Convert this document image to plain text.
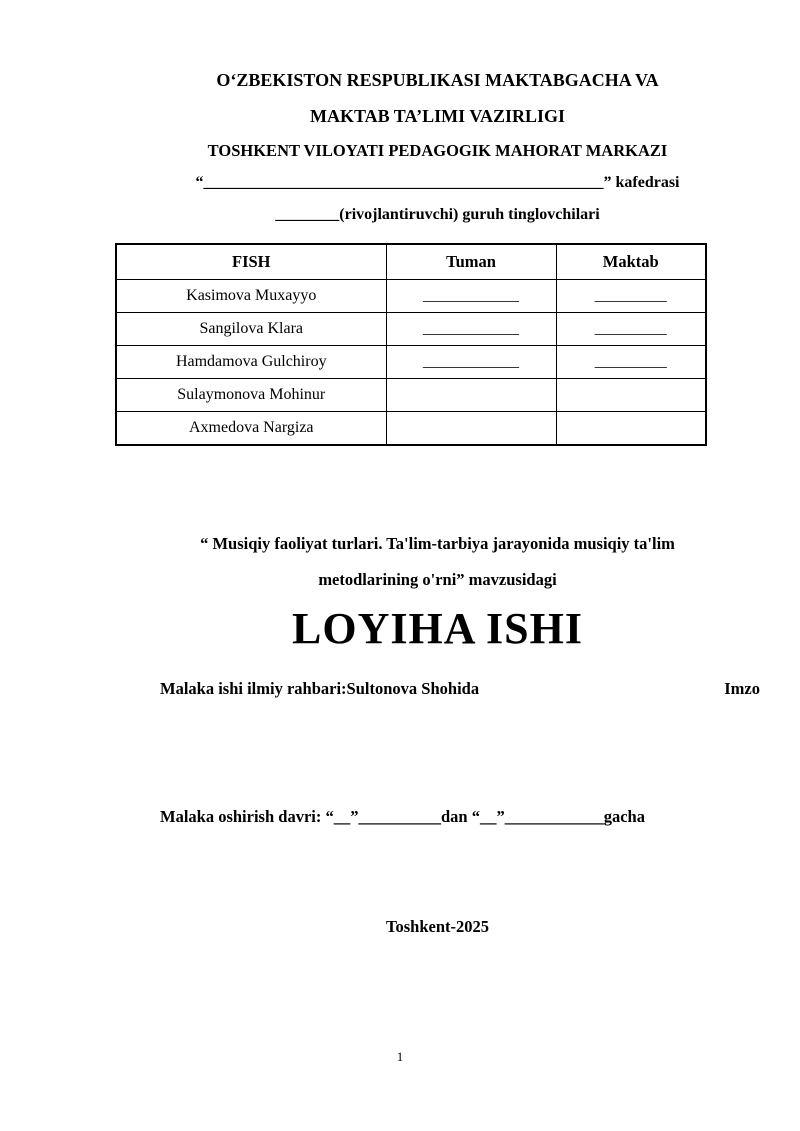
O‘ZBEKISTON RESPUBLIKASI MAKTABGACHA VA

MAKTAB TA’LIMI VAZIRLIGI

TOSHKENT VILOYATI PEDAGOGIK MAHORAT MARKAZI

“__________________________________________________” kafedrasi

________(rivojlantiruvchi) guruh tinglovchilari

FISH	Tuman	Maktab
Kasimova Muxayyo	____________	_________
Sangilova Klara	____________	_________
Hamdamova Gulchiroy	____________	_________
Sulaymonova Mohinur		
Axmedova Nargiza		

“ Musiqiy faoliyat turlari. Ta'lim-tarbiya jarayonida musiqiy ta'lim

metodlarining o'rni” mavzusidagi

LOYIHA ISHI
Malaka ishi ilmiy rahbari:Sultonova Shohida	Imzo

Malaka oshirish davri: “__”__________dan “__”____________gacha

Toshkent-2025

1
